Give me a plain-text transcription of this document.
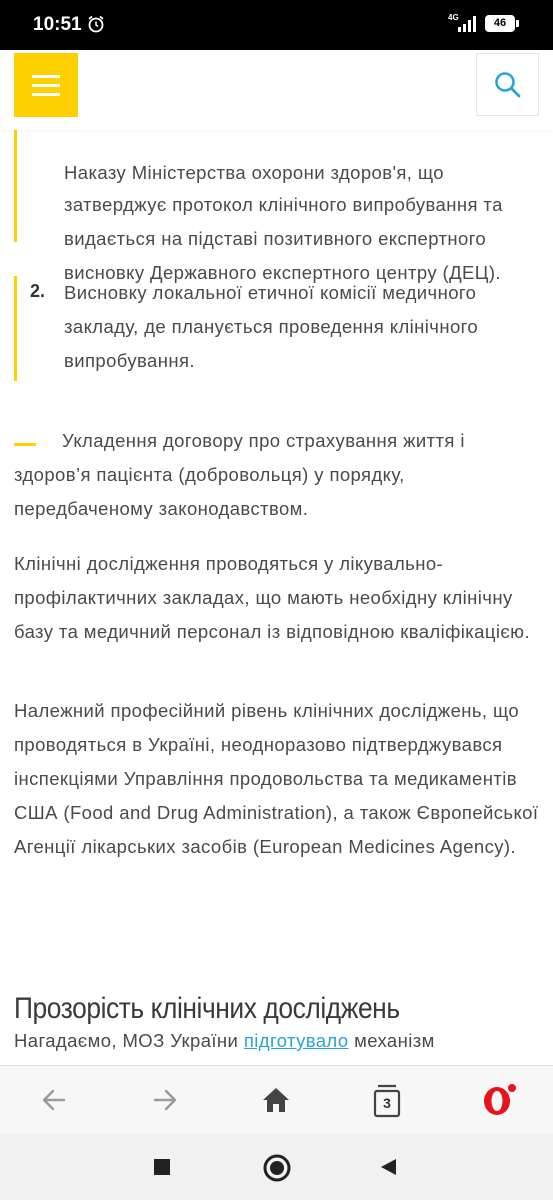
10:51	4G	46

Наказу Міністерства охорони здоров'я, що

затверджує протокол клінічного випробування та видається на підставі позитивного експертного висновку Державного експертного центру (ДЕЦ).

2. Висновку локальної етичної комісії медичного закладу, де планується проведення клінічного випробування.

Укладення договору про страхування життя і здоров’я пацієнта (добровольця) у порядку, передбаченому законодавством.

Клінічні дослідження проводяться у лікувально-профілактичних закладах, що мають необхідну клінічну базу та медичний персонал із відповідною кваліфікацією.

Належний професійний рівень клінічних досліджень, що проводяться в Україні, неодноразово підтверджувався інспекціями Управління продовольства та медикаментів США (Food and Drug Administration), а також Європейської Агенції лікарських засобів (European Medicines Agency).

Прозорість клінічних досліджень

Нагадаємо, МОЗ України підготувало механізм

3
